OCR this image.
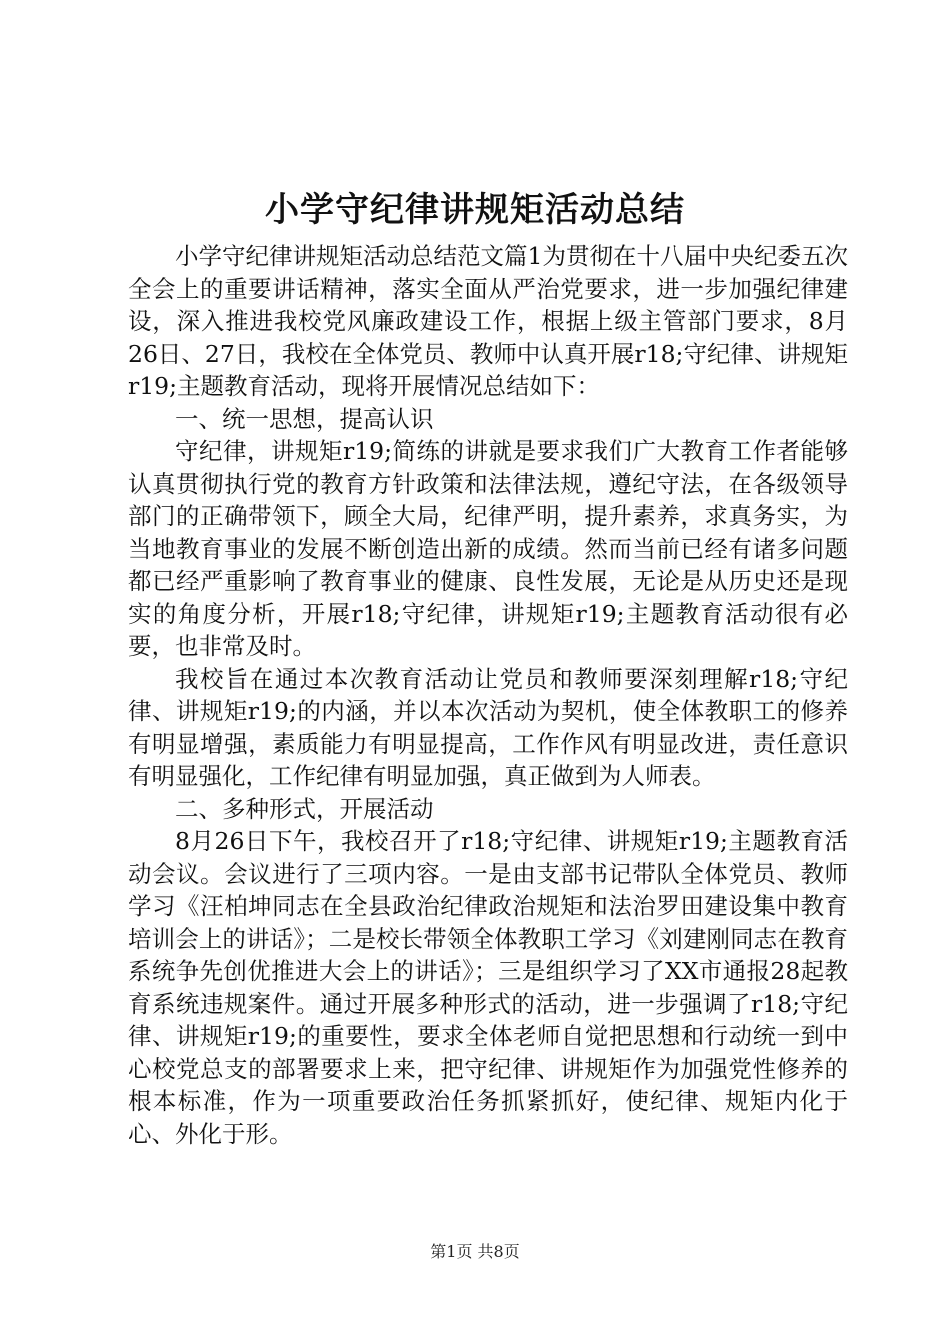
小学守纪律讲规矩活动总结

小学守纪律讲规矩活动总结范文篇1为贯彻在十八届中央纪委五次全会上的重要讲话精神，落实全面从严治党要求，进一步加强纪律建设，深入推进我校党风廉政建设工作，根据上级主管部门要求，8月26日、27日，我校在全体党员、教师中认真开展r18;守纪律、讲规矩r19;主题教育活动，现将开展情况总结如下：

一、统一思想，提高认识

守纪律，讲规矩r19;简练的讲就是要求我们广大教育工作者能够认真贯彻执行党的教育方针政策和法律法规，遵纪守法，在各级领导部门的正确带领下，顾全大局，纪律严明，提升素养，求真务实，为当地教育事业的发展不断创造出新的成绩。然而当前已经有诸多问题都已经严重影响了教育事业的健康、良性发展，无论是从历史还是现实的角度分析，开展r18;守纪律，讲规矩r19;主题教育活动很有必要，也非常及时。

我校旨在通过本次教育活动让党员和教师要深刻理解r18;守纪律、讲规矩r19;的内涵，并以本次活动为契机，使全体教职工的修养有明显增强，素质能力有明显提高，工作作风有明显改进，责任意识有明显强化，工作纪律有明显加强，真正做到为人师表。

二、多种形式，开展活动

8月26日下午，我校召开了r18;守纪律、讲规矩r19;主题教育活动会议。会议进行了三项内容。一是由支部书记带队全体党员、教师学习《汪柏坤同志在全县政治纪律政治规矩和法治罗田建设集中教育培训会上的讲话》；二是校长带领全体教职工学习《刘建刚同志在教育系统争先创优推进大会上的讲话》；三是组织学习了XX市通报28起教育系统违规案件。通过开展多种形式的活动，进一步强调了r18;守纪律、讲规矩r19;的重要性，要求全体老师自觉把思想和行动统一到中心校党总支的部署要求上来，把守纪律、讲规矩作为加强党性修养的根本标准，作为一项重要政治任务抓紧抓好，使纪律、规矩内化于心、外化于形。

第1页 共8页
